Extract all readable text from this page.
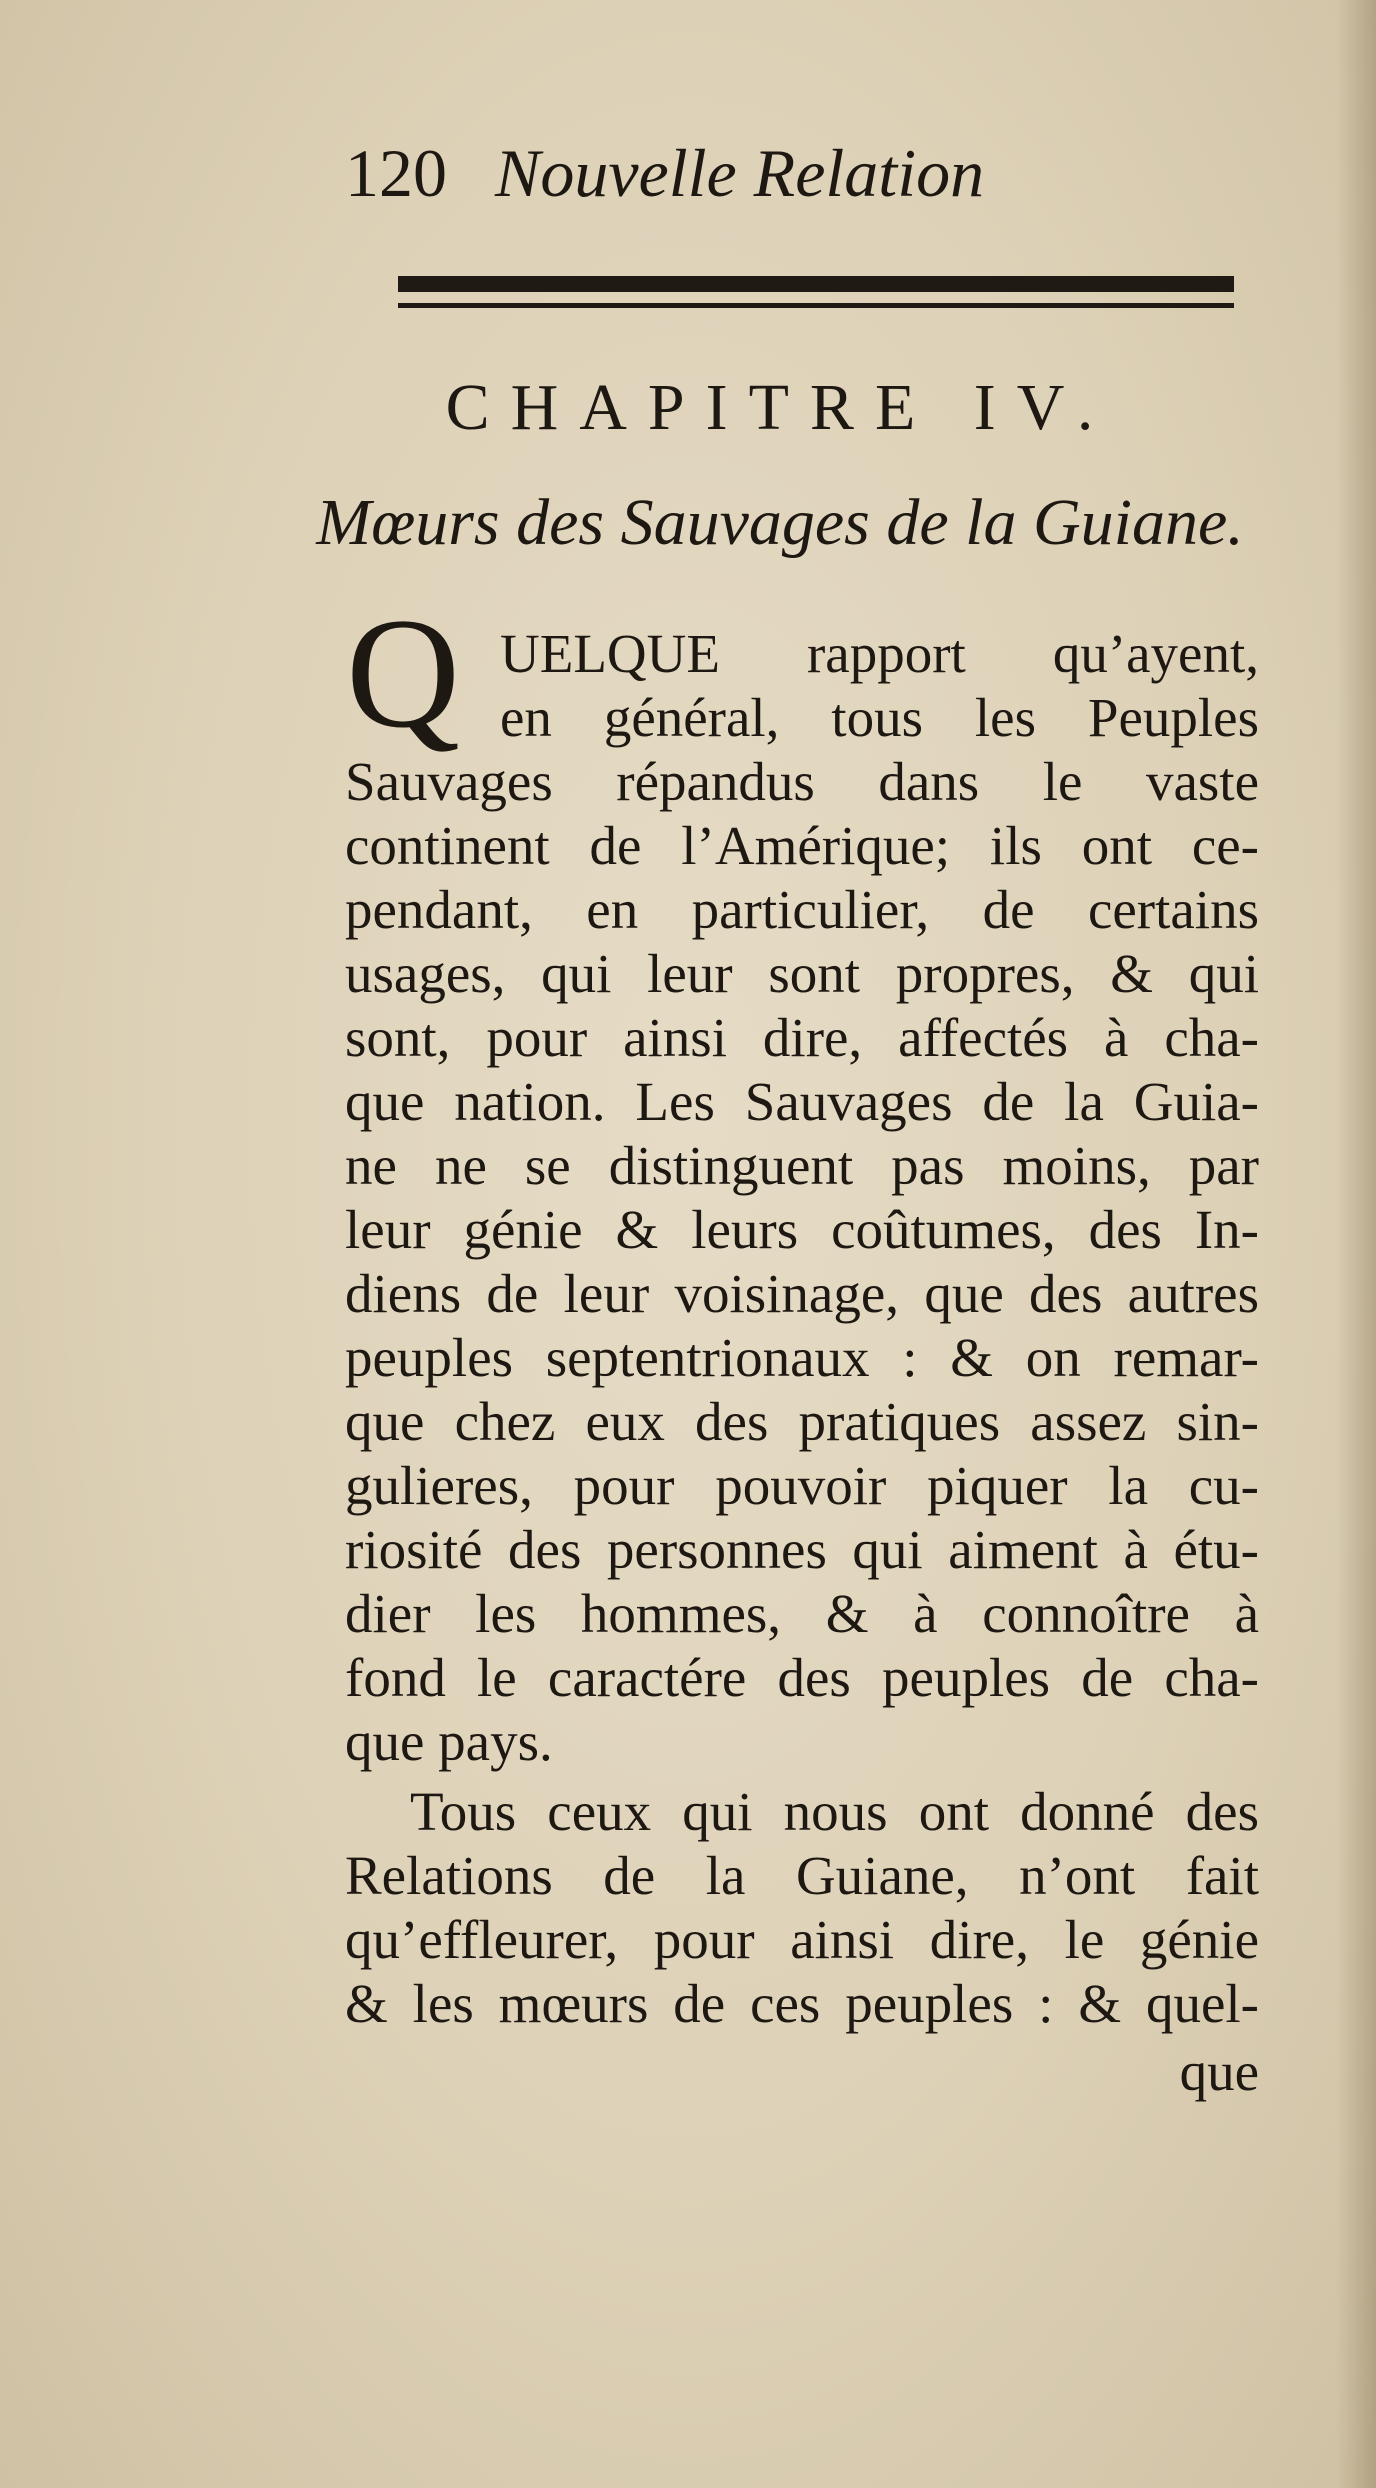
120 Nouvelle Relation
CHAPITRE IV.
Mœurs des Sauvages de la Guiane.
Q UELQUE rapport qu’ayent,
en général, tous les Peuples
Sauvages répandus dans le vaste
continent de l’Amérique; ils ont ce-
pendant, en particulier, de certains
usages, qui leur sont propres, & qui
sont, pour ainsi dire, affectés à cha-
que nation. Les Sauvages de la Guia-
ne ne se distinguent pas moins, par
leur génie & leurs coûtumes, des In-
diens de leur voisinage, que des autres
peuples septentrionaux : & on remar-
que chez eux des pratiques assez sin-
gulieres, pour pouvoir piquer la cu-
riosité des personnes qui aiment à étu-
dier les hommes, & à connoître à
fond le caractére des peuples de cha-
que pays.
Tous ceux qui nous ont donné des
Relations de la Guiane, n’ont fait
qu’effleurer, pour ainsi dire, le génie
& les mœurs de ces peuples : & quel-
que
